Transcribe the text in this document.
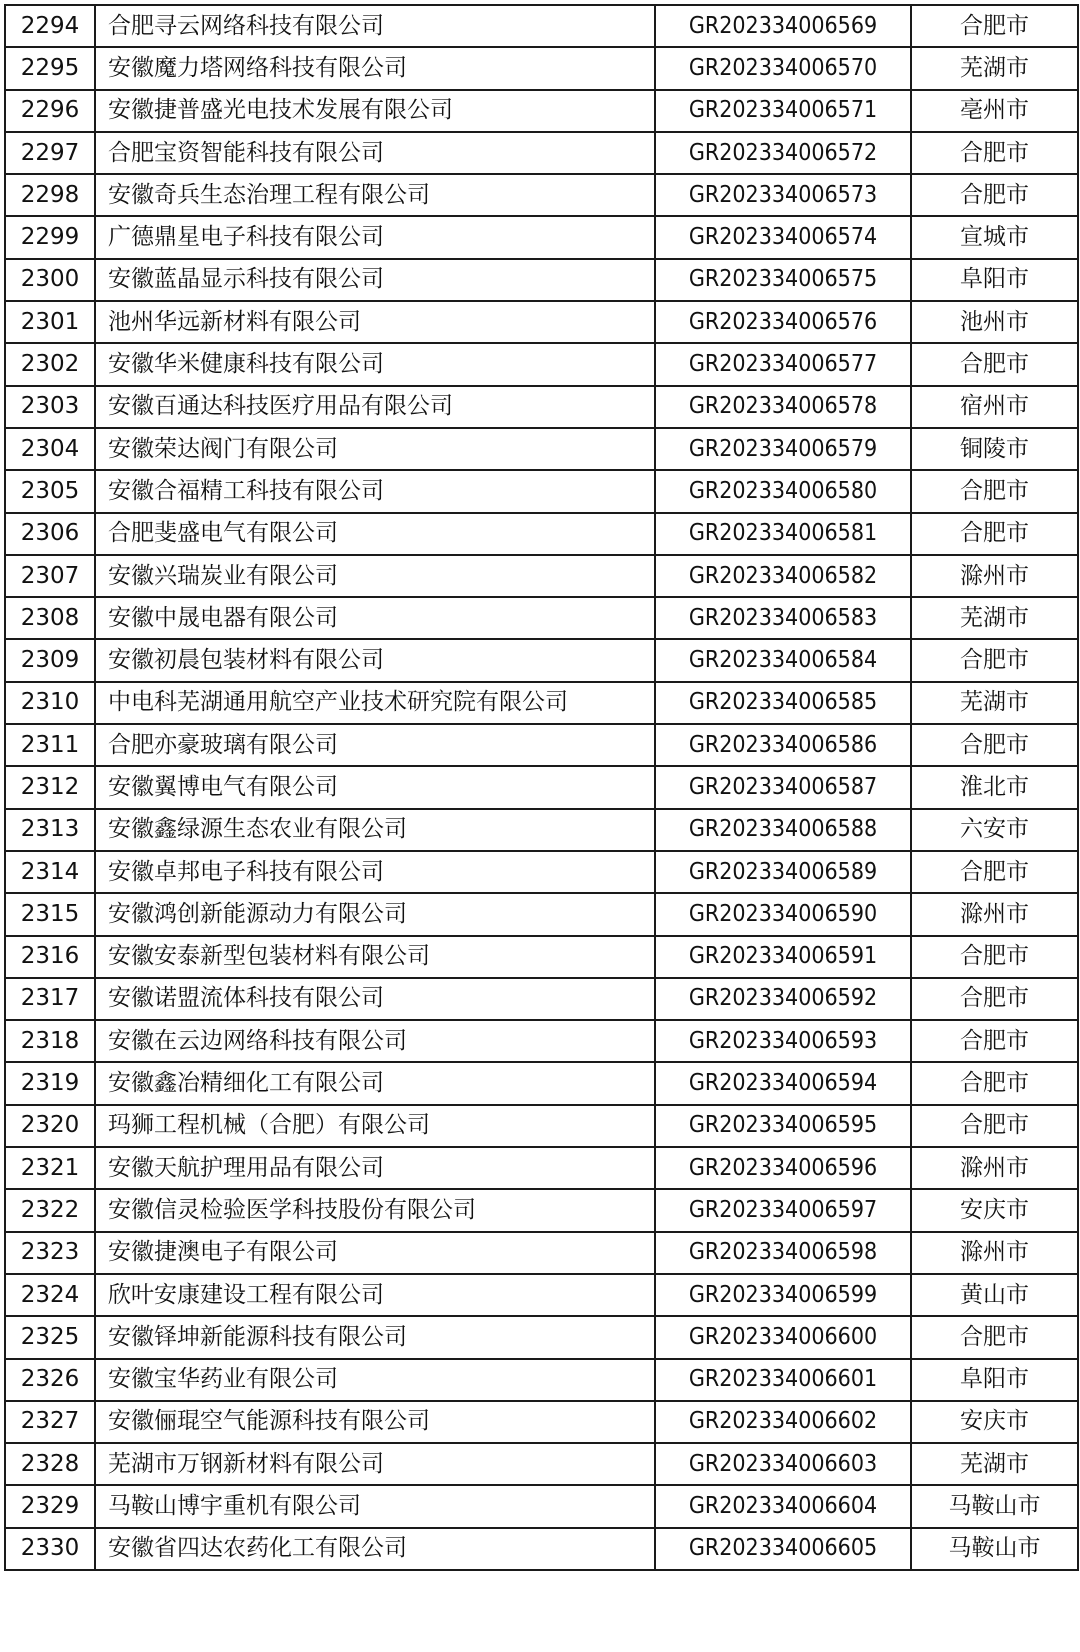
2294	合肥寻云网络科技有限公司	GR202334006569	合肥市
2295	安徽魔力塔网络科技有限公司	GR202334006570	芜湖市
2296	安徽捷普盛光电技术发展有限公司	GR202334006571	亳州市
2297	合肥宝资智能科技有限公司	GR202334006572	合肥市
2298	安徽奇兵生态治理工程有限公司	GR202334006573	合肥市
2299	广德鼎星电子科技有限公司	GR202334006574	宣城市
2300	安徽蓝晶显示科技有限公司	GR202334006575	阜阳市
2301	池州华远新材料有限公司	GR202334006576	池州市
2302	安徽华米健康科技有限公司	GR202334006577	合肥市
2303	安徽百通达科技医疗用品有限公司	GR202334006578	宿州市
2304	安徽荣达阀门有限公司	GR202334006579	铜陵市
2305	安徽合福精工科技有限公司	GR202334006580	合肥市
2306	合肥斐盛电气有限公司	GR202334006581	合肥市
2307	安徽兴瑞炭业有限公司	GR202334006582	滁州市
2308	安徽中晟电器有限公司	GR202334006583	芜湖市
2309	安徽初晨包装材料有限公司	GR202334006584	合肥市
2310	中电科芜湖通用航空产业技术研究院有限公司	GR202334006585	芜湖市
2311	合肥亦豪玻璃有限公司	GR202334006586	合肥市
2312	安徽翼博电气有限公司	GR202334006587	淮北市
2313	安徽鑫绿源生态农业有限公司	GR202334006588	六安市
2314	安徽卓邦电子科技有限公司	GR202334006589	合肥市
2315	安徽鸿创新能源动力有限公司	GR202334006590	滁州市
2316	安徽安泰新型包装材料有限公司	GR202334006591	合肥市
2317	安徽诺盟流体科技有限公司	GR202334006592	合肥市
2318	安徽在云边网络科技有限公司	GR202334006593	合肥市
2319	安徽鑫冶精细化工有限公司	GR202334006594	合肥市
2320	玛狮工程机械（合肥）有限公司	GR202334006595	合肥市
2321	安徽天航护理用品有限公司	GR202334006596	滁州市
2322	安徽信灵检验医学科技股份有限公司	GR202334006597	安庆市
2323	安徽捷澳电子有限公司	GR202334006598	滁州市
2324	欣叶安康建设工程有限公司	GR202334006599	黄山市
2325	安徽铎坤新能源科技有限公司	GR202334006600	合肥市
2326	安徽宝华药业有限公司	GR202334006601	阜阳市
2327	安徽俪琨空气能源科技有限公司	GR202334006602	安庆市
2328	芜湖市万钢新材料有限公司	GR202334006603	芜湖市
2329	马鞍山博宇重机有限公司	GR202334006604	马鞍山市
2330	安徽省四达农药化工有限公司	GR202334006605	马鞍山市
